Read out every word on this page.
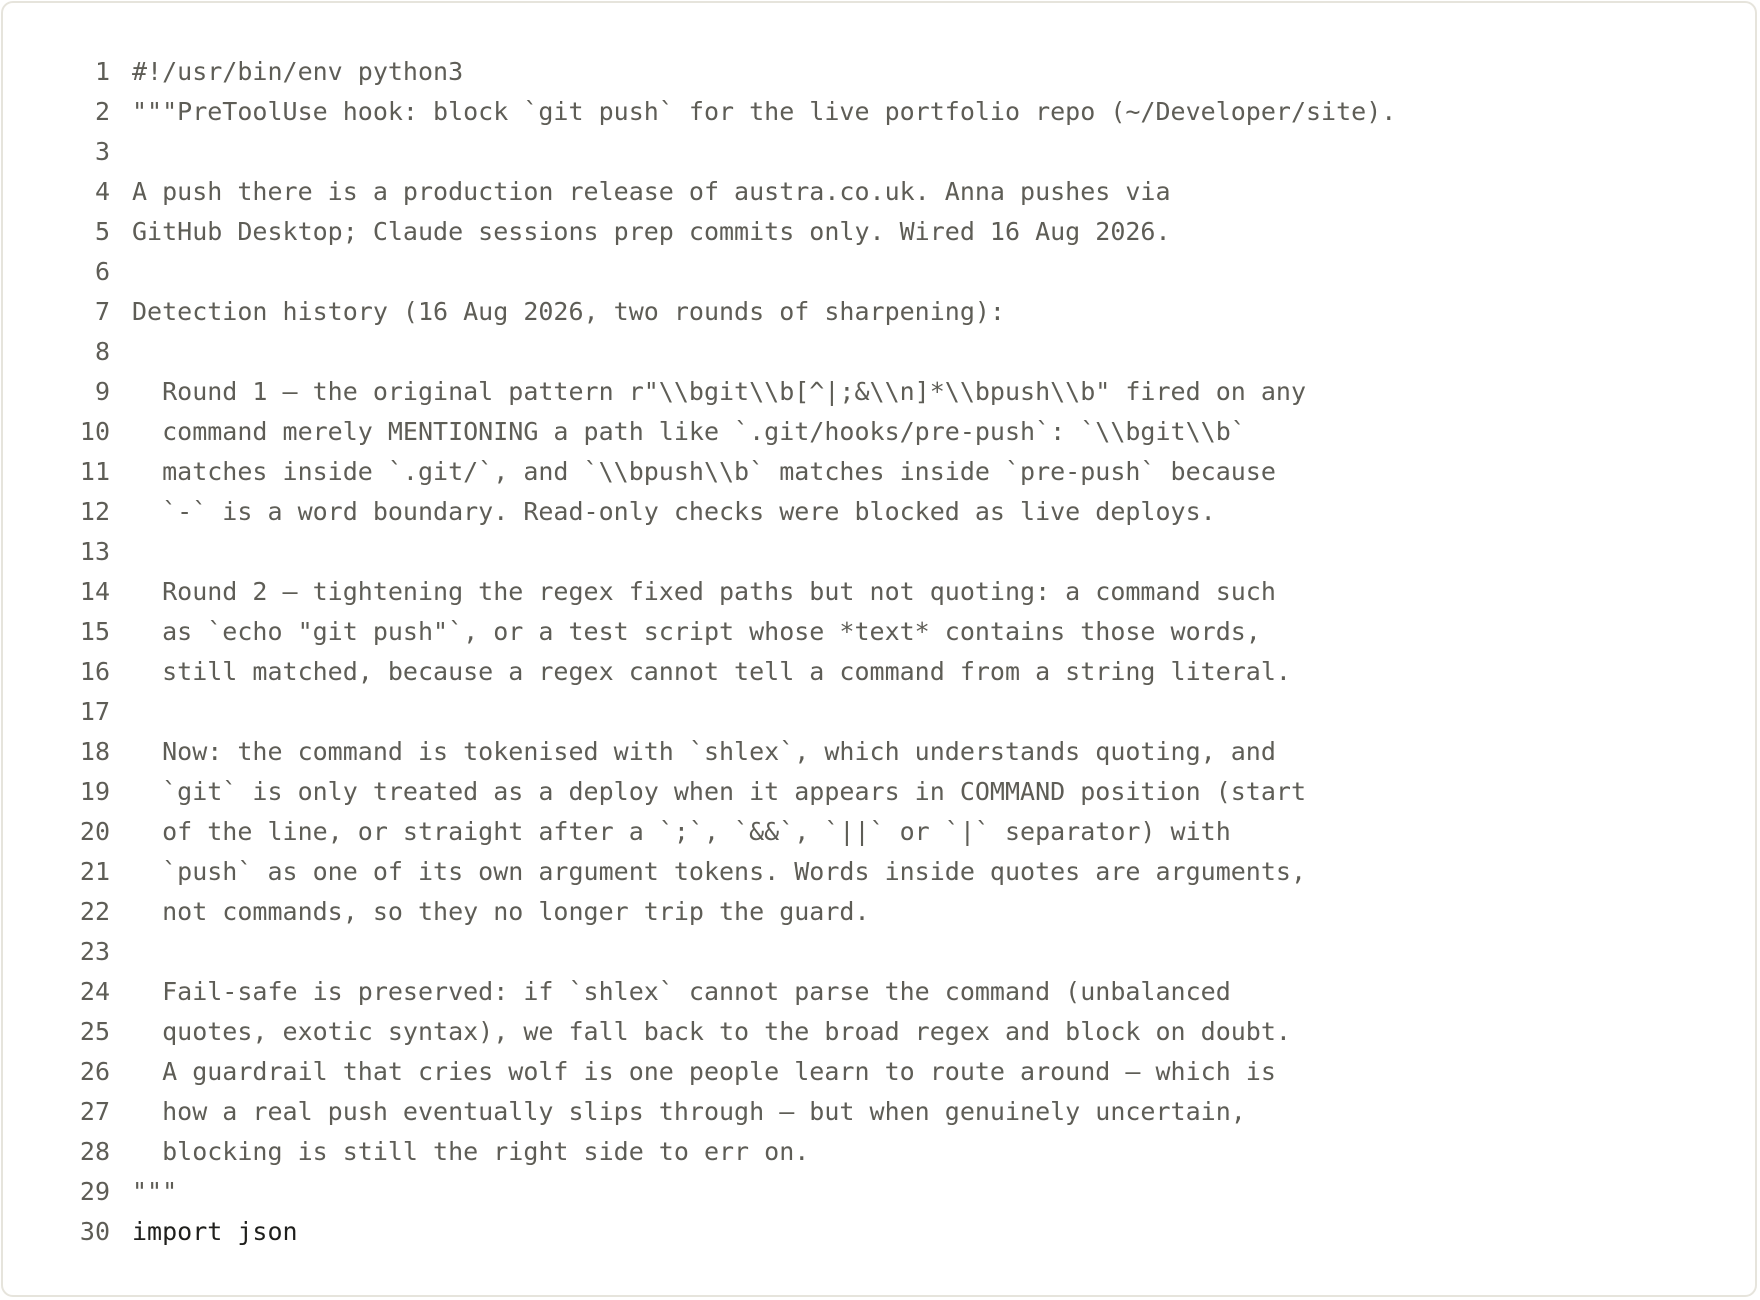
1 #!/usr/bin/env python3
2 """PreToolUse hook: block `git push` for the live portfolio repo (~/Developer/site).
3
4 A push there is a production release of austra.co.uk. Anna pushes via
5 GitHub Desktop; Claude sessions prep commits only. Wired 16 Aug 2026.
6
7 Detection history (16 Aug 2026, two rounds of sharpening):
8
9 Round 1 — the original pattern r"\\bgit\\b[^|;&\\n]*\\bpush\\b" fired on any
10 command merely MENTIONING a path like `.git/hooks/pre-push`: `\\bgit\\b`
11 matches inside `.git/`, and `\\bpush\\b` matches inside `pre-push` because
12 `-` is a word boundary. Read-only checks were blocked as live deploys.
13
14 Round 2 — tightening the regex fixed paths but not quoting: a command such
15 as `echo "git push"`, or a test script whose *text* contains those words,
16 still matched, because a regex cannot tell a command from a string literal.
17
18 Now: the command is tokenised with `shlex`, which understands quoting, and
19 `git` is only treated as a deploy when it appears in COMMAND position (start
20 of the line, or straight after a `;`, `&&`, `||` or `|` separator) with
21 `push` as one of its own argument tokens. Words inside quotes are arguments,
22 not commands, so they no longer trip the guard.
23
24 Fail-safe is preserved: if `shlex` cannot parse the command (unbalanced
25 quotes, exotic syntax), we fall back to the broad regex and block on doubt.
26 A guardrail that cries wolf is one people learn to route around — which is
27 how a real push eventually slips through — but when genuinely uncertain,
28 blocking is still the right side to err on.
29 """
30 import json
